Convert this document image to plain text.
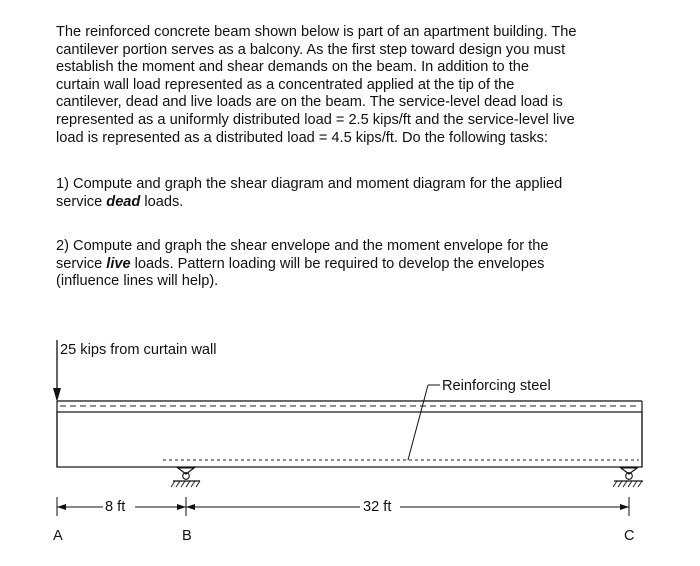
The reinforced concrete beam shown below is part of an apartment building. The
cantilever portion serves as a balcony. As the first step toward design you must
establish the moment and shear demands on the beam. In addition to the
curtain wall load represented as a concentrated applied at the tip of the
cantilever, dead and live loads are on the beam. The service-level dead load is
represented as a uniformly distributed load = 2.5 kips/ft and the service-level live
load is represented as a distributed load = 4.5 kips/ft. Do the following tasks:
1) Compute and graph the shear diagram and moment diagram for the applied
service dead loads.
2) Compute and graph the shear envelope and the moment envelope for the
service live loads. Pattern loading will be required to develop the envelopes
(influence lines will help).
25 kips from curtain wall
Reinforcing steel
8 ft	32 ft
A	B	C
